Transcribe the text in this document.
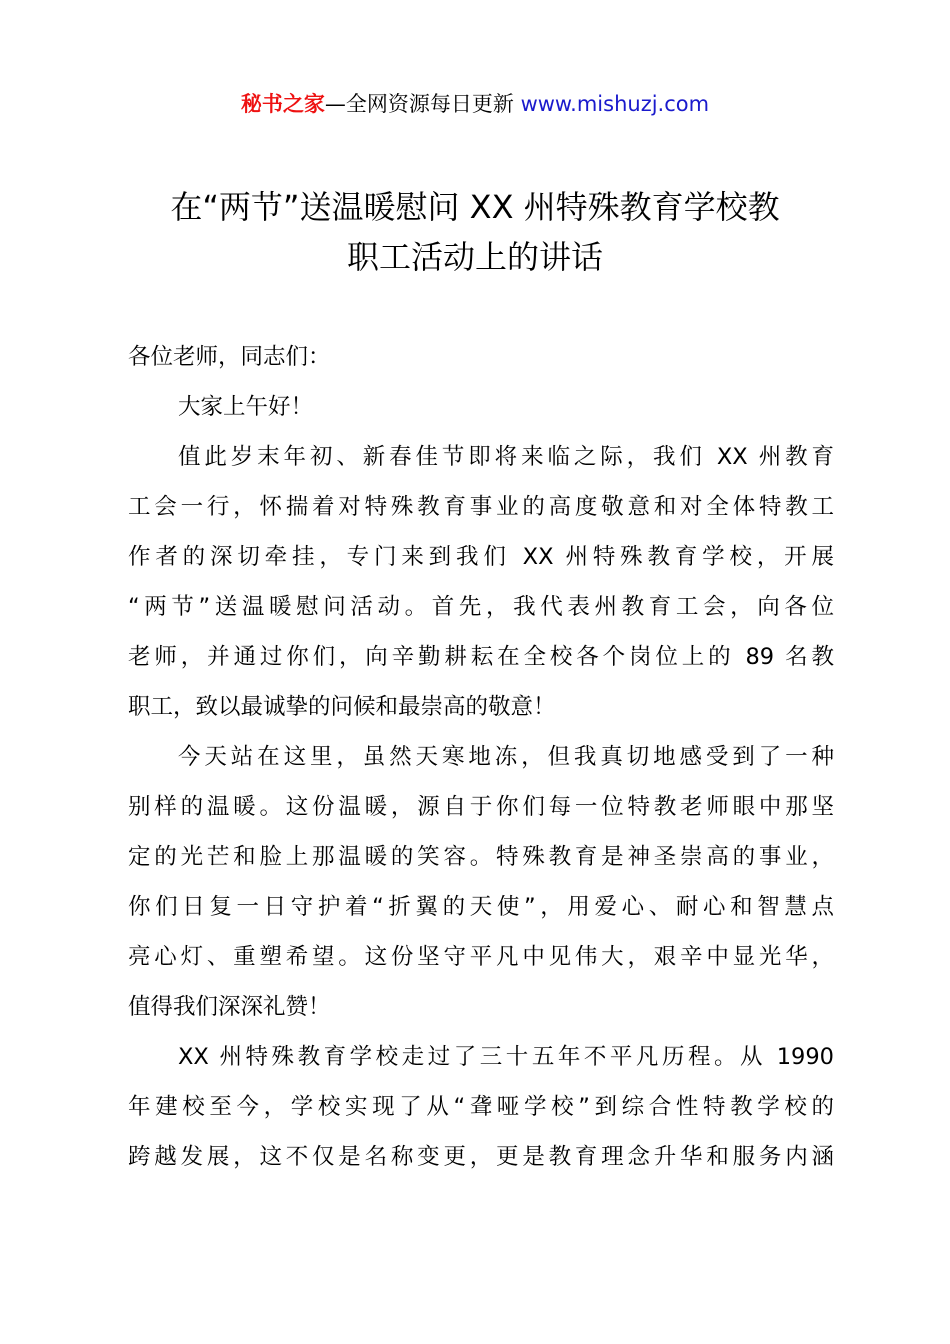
秘书之家—全网资源每日更新 www.mishuzj.com
在“两节”送温暖慰问 XX 州特殊教育学校教
职工活动上的讲话
各位老师，同志们：
大家上午好！
值此岁末年初、新春佳节即将来临之际，我们 XX 州教育
工会一行，怀揣着对特殊教育事业的高度敬意和对全体特教工
作者的深切牵挂，专门来到我们 XX 州特殊教育学校，开展
“两节”送温暖慰问活动。首先，我代表州教育工会，向各位
老师，并通过你们，向辛勤耕耘在全校各个岗位上的 89 名教
职工，致以最诚挚的问候和最崇高的敬意！
今天站在这里，虽然天寒地冻，但我真切地感受到了一种
别样的温暖。这份温暖，源自于你们每一位特教老师眼中那坚
定的光芒和脸上那温暖的笑容。特殊教育是神圣崇高的事业，
你们日复一日守护着“折翼的天使”，用爱心、耐心和智慧点
亮心灯、重塑希望。这份坚守平凡中见伟大，艰辛中显光华，
值得我们深深礼赞！
XX 州特殊教育学校走过了三十五年不平凡历程。从 1990
年建校至今，学校实现了从“聋哑学校”到综合性特教学校的
跨越发展，这不仅是名称变更，更是教育理念升华和服务内涵
